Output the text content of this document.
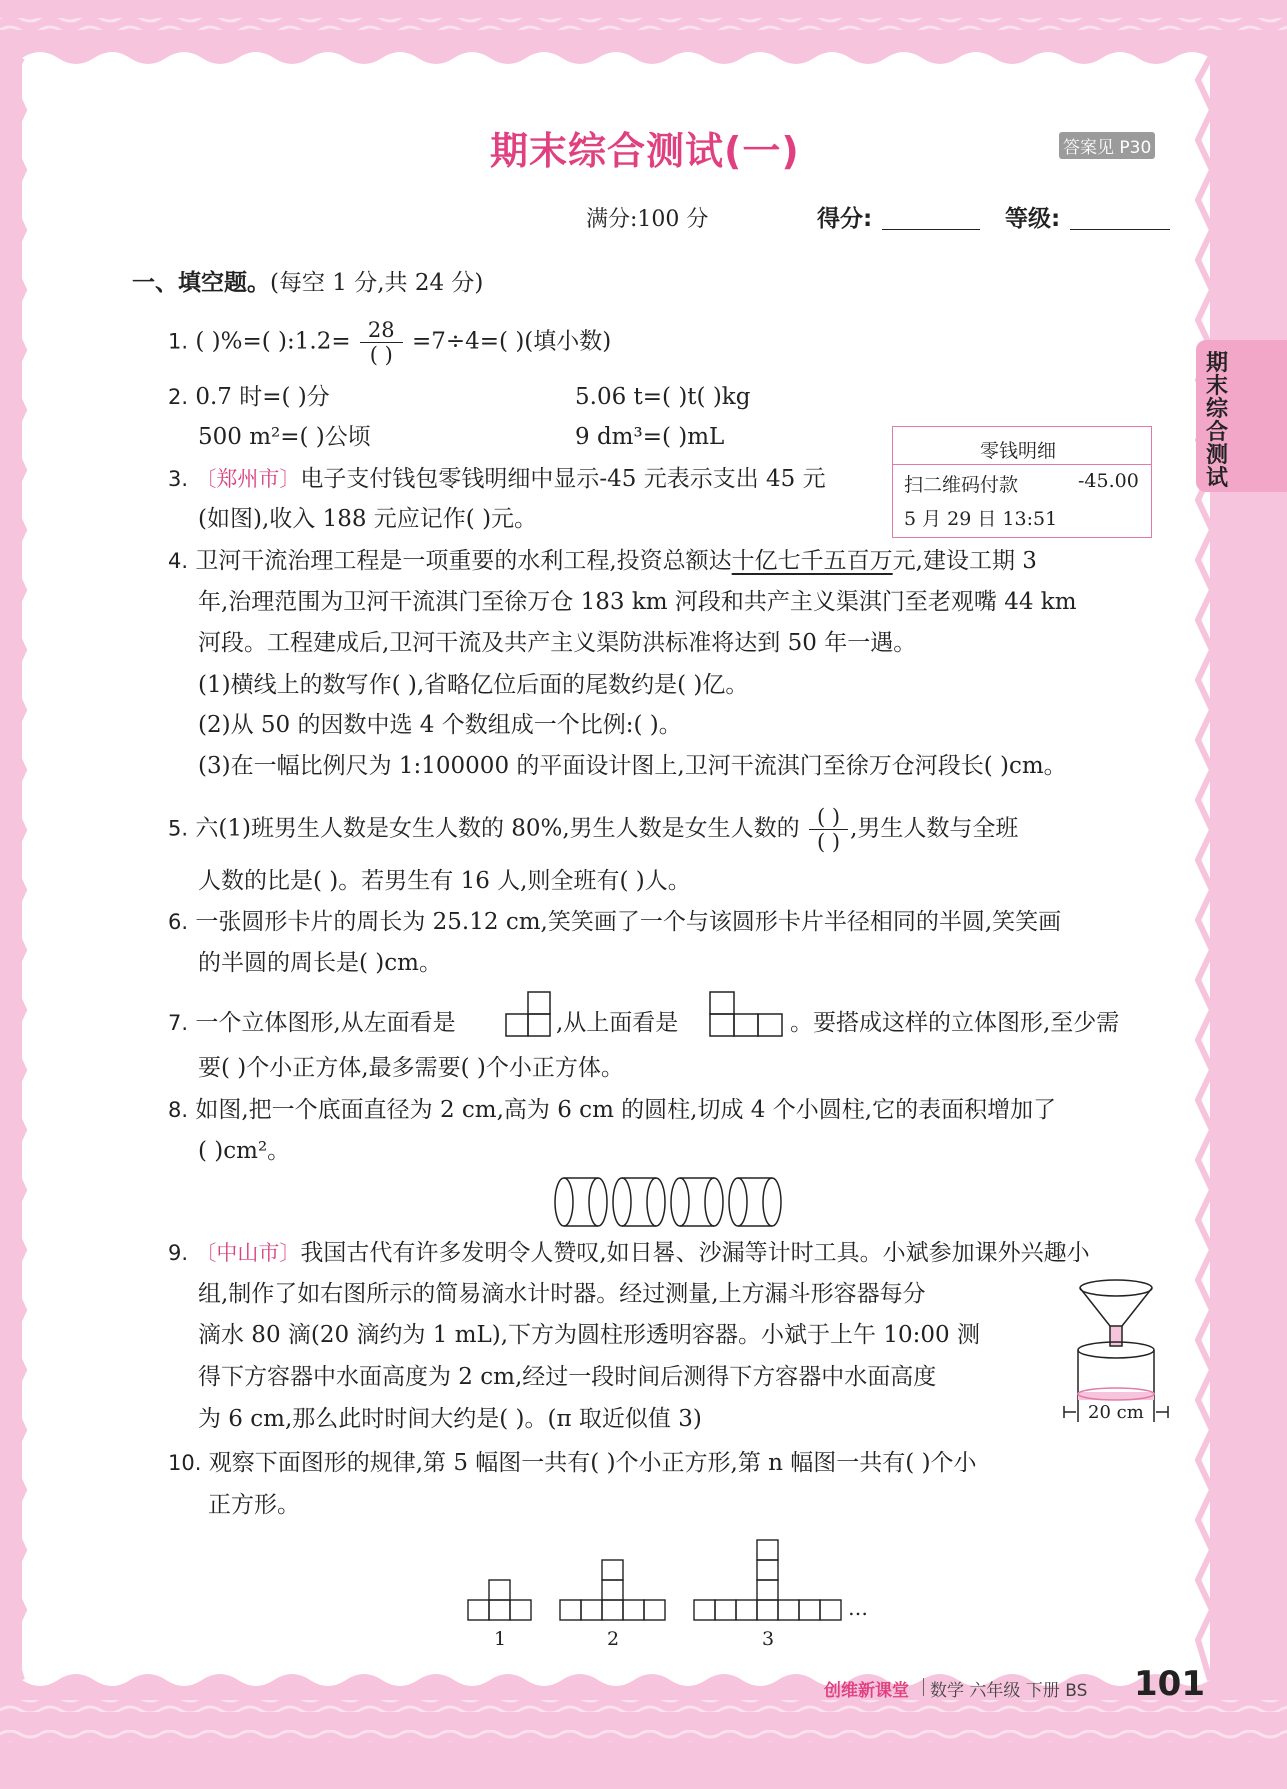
期末综合测试
期末综合测试(一)	答案见 P30
满分:100 分	得分:	等级:
一、填空题。(每空 1 分,共 24 分)
1. ( )%=( ):1.2= $\frac{28}{( )} =7\div 4=$( )(填小数)
2. 0.7 时=( )分	5.06 t=( )t( )kg
500 m²=( )公顷	9 dm³=( )mL
零钱明细
扫二维码付款	-45.00
5 月 29 日 13:51
3. 〔郑州市〕电子支付钱包零钱明细中显示-45 元表示支出 45 元
(如图),收入 188 元应记作( )元。
4. 卫河干流治理工程是一项重要的水利工程,投资总额达十亿七千五百万元,建设工期 3
年,治理范围为卫河干流淇门至徐万仓 183 km 河段和共产主义渠淇门至老观嘴 44 km
河段。工程建成后,卫河干流及共产主义渠防洪标准将达到 50 年一遇。
(1)横线上的数写作( ),省略亿位后面的尾数约是( )亿。
(2)从 50 的因数中选 4 个数组成一个比例:( )。
(3)在一幅比例尺为 1:100000 的平面设计图上,卫河干流淇门至徐万仓河段长( )cm。
5. 六(1)班男生人数是女生人数的 80%,男生人数是女生人数的 $\frac{( )}{( )}$ ,男生人数与全班
人数的比是( )。若男生有 16 人,则全班有( )人。
6. 一张圆形卡片的周长为 25.12 cm,笑笑画了一个与该圆形卡片半径相同的半圆,笑笑画
的半圆的周长是( )cm。
7. 一个立体图形,从左面看是	,从上面看是	。要搭成这样的立体图形,至少需
要( )个小正方体,最多需要( )个小正方体。
8. 如图,把一个底面直径为 2 cm,高为 6 cm 的圆柱,切成 4 个小圆柱,它的表面积增加了
( )cm²。
9. 〔中山市〕我国古代有许多发明令人赞叹,如日晷、沙漏等计时工具。小斌参加课外兴趣小
组,制作了如右图所示的简易滴水计时器。经过测量,上方漏斗形容器每分
滴水 80 滴(20 滴约为 1 mL),下方为圆柱形透明容器。小斌于上午 10:00 测
得下方容器中水面高度为 2 cm,经过一段时间后测得下方容器中水面高度
为 6 cm,那么此时时间大约是( )。(π 取近似值 3)	20 cm
10. 观察下面图形的规律,第 5 幅图一共有( )个小正方形,第 n 幅图一共有( )个小
正方形。
…
1	2	3
创维新课堂 数学 六年级 下册 BS 101
